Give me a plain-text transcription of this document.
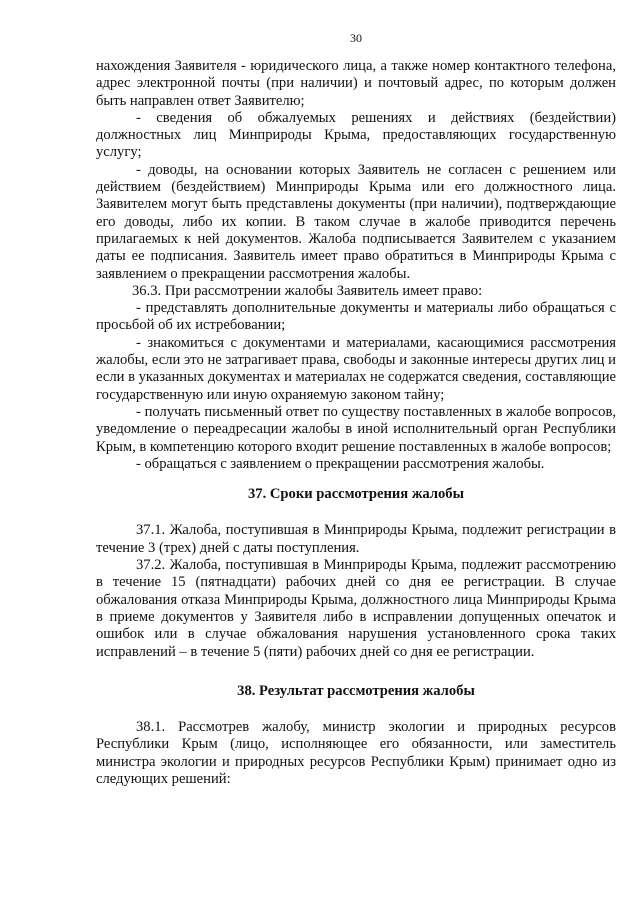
30

нахождения Заявителя - юридического лица, а также номер контактного телефона, адрес электронной почты (при наличии) и почтовый адрес, по которым должен быть направлен ответ Заявителю;

- сведения об обжалуемых решениях и действиях (бездействии) должностных лиц Минприроды Крыма, предоставляющих государственную услугу;

- доводы, на основании которых Заявитель не согласен с решением или действием (бездействием) Минприроды Крыма или его должностного лица. Заявителем могут быть представлены документы (при наличии), подтверждающие его доводы, либо их копии. В таком случае в жалобе приводится перечень прилагаемых к ней документов. Жалоба подписывается Заявителем с указанием даты ее подписания. Заявитель имеет право обратиться в Минприроды Крыма с заявлением о прекращении рассмотрения жалобы.

36.3. При рассмотрении жалобы Заявитель имеет право:

- представлять дополнительные документы и материалы либо обращаться с просьбой об их истребовании;

- знакомиться с документами и материалами, касающимися рассмотрения жалобы, если это не затрагивает права, свободы и законные интересы других лиц и если в указанных документах и материалах не содержатся сведения, составляющие государственную или иную охраняемую законом тайну;

- получать письменный ответ по существу поставленных в жалобе вопросов, уведомление о переадресации жалобы в иной исполнительный орган Республики Крым, в компетенцию которого входит решение поставленных в жалобе вопросов;

- обращаться с заявлением о прекращении рассмотрения жалобы.

37. Сроки рассмотрения жалобы

37.1. Жалоба, поступившая в Минприроды Крыма, подлежит регистрации в течение 3 (трех) дней с даты поступления.

37.2. Жалоба, поступившая в Минприроды Крыма, подлежит рассмотрению в течение 15 (пятнадцати) рабочих дней со дня ее регистрации. В случае обжалования отказа Минприроды Крыма, должностного лица Минприроды Крыма в приеме документов у Заявителя либо в исправлении допущенных опечаток и ошибок или в случае обжалования нарушения установленного срока таких исправлений – в течение 5 (пяти) рабочих дней со дня ее регистрации.

38. Результат рассмотрения жалобы

38.1. Рассмотрев жалобу, министр экологии и природных ресурсов Республики Крым (лицо, исполняющее его обязанности, или заместитель министра экологии и природных ресурсов Республики Крым) принимает одно из следующих решений:
